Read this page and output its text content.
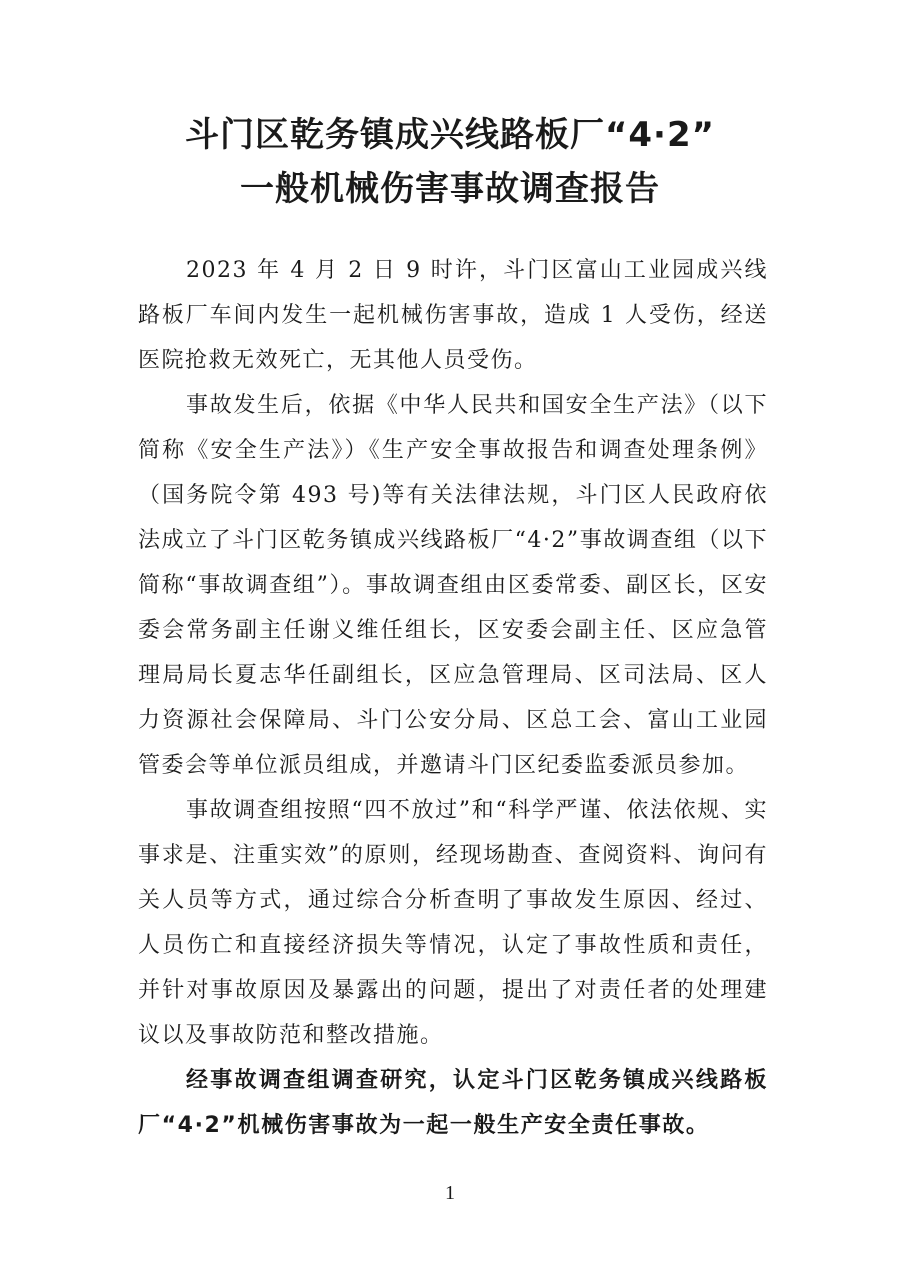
斗门区乾务镇成兴线路板厂“4·2”
一般机械伤害事故调查报告

2023 年 4 月 2 日 9 时许，斗门区富山工业园成兴线路板厂车间内发生一起机械伤害事故，造成 1 人受伤，经送医院抢救无效死亡，无其他人员受伤。

事故发生后，依据《中华人民共和国安全生产法》（以下简称《安全生产法》）《生产安全事故报告和调查处理条例》（国务院令第 493 号)等有关法律法规，斗门区人民政府依法成立了斗门区乾务镇成兴线路板厂“4·2”事故调查组（以下简称“事故调查组”）。事故调查组由区委常委、副区长，区安委会常务副主任谢义维任组长，区安委会副主任、区应急管理局局长夏志华任副组长，区应急管理局、区司法局、区人力资源社会保障局、斗门公安分局、区总工会、富山工业园管委会等单位派员组成，并邀请斗门区纪委监委派员参加。

事故调查组按照“四不放过”和“科学严谨、依法依规、实事求是、注重实效”的原则，经现场勘查、查阅资料、询问有关人员等方式，通过综合分析查明了事故发生原因、经过、人员伤亡和直接经济损失等情况，认定了事故性质和责任，并针对事故原因及暴露出的问题，提出了对责任者的处理建议以及事故防范和整改措施。

经事故调查组调查研究，认定斗门区乾务镇成兴线路板厂“4·2”机械伤害事故为一起一般生产安全责任事故。

1
